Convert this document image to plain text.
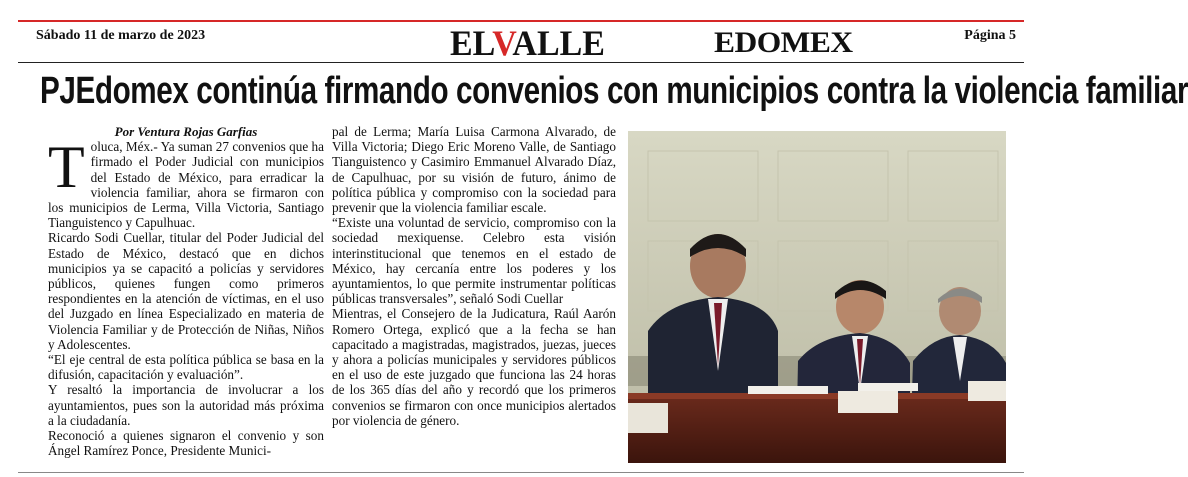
Sábado 11 de marzo de 2023	ELVALLE	EDOMEX	Página 5
PJEdomex continúa firmando convenios con municipios contra la violencia familiar

Por Ventura Rojas Garfias

Toluca, Méx.- Ya suman 27 convenios que ha firmado el Poder Judicial con municipios del Estado de México, para erradicar la violencia familiar, ahora se firmaron con los municipios de Lerma, Villa Victoria, Santiago Tianguistenco y Capulhuac.

Ricardo Sodi Cuellar, titular del Poder Judicial del Estado de México, destacó que en dichos municipios ya se capacitó a policías y servidores públicos, quienes fungen como primeros respondientes en la atención de víctimas, en el uso del Juzgado en línea Especializado en materia de Violencia Familiar y de Protección de Niñas, Niños y Adolescentes.

“El eje central de esta política pública se basa en la difusión, capacitación y evaluación”.

Y resaltó la importancia de involucrar a los ayuntamientos, pues son la autoridad más próxima a la ciudadanía.

Reconoció a quienes signaron el convenio y son Ángel Ramírez Ponce, Presidente Munici-

pal de Lerma; María Luisa Carmona Alvarado, de Villa Victoria; Diego Eric Moreno Valle, de Santiago Tianguistenco y Casimiro Emmanuel Alvarado Díaz, de Capulhuac, por su visión de futuro, ánimo de política pública y compromiso con la sociedad para prevenir que la violencia familiar escale.

“Existe una voluntad de servicio, compromiso con la sociedad mexiquense. Celebro esta visión interinstitucional que tenemos en el estado de México, hay cercanía entre los poderes y los ayuntamientos, lo que permite instrumentar políticas públicas transversales”, señaló Sodi Cuellar

Mientras, el Consejero de la Judicatura, Raúl Aarón Romero Ortega, explicó que a la fecha se han capacitado a magistradas, magistrados, juezas, jueces y ahora a policías municipales y servidores públicos en el uso de este juzgado que funciona las 24 horas de los 365 días del año y recordó que los primeros convenios se firmaron con once municipios alertados por violencia de género.
